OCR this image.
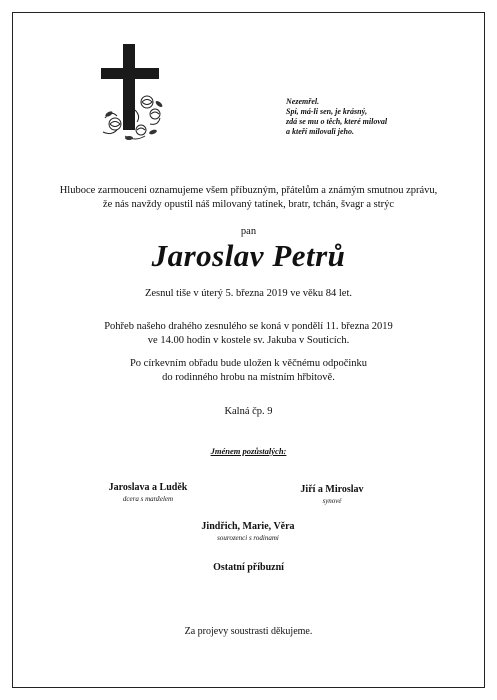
Nezemřel.
Spí, má-li sen, je krásný,
zdá se mu o těch, které miloval
a kteří milovali jeho.
Hluboce zarmouceni oznamujeme všem příbuzným, přátelům a známým smutnou zprávu,
že nás navždy opustil náš milovaný tatínek, bratr, tchán, švagr a strýc
pan
Jaroslav Petrů
Zesnul tiše v úterý 5. března 2019 ve věku 84 let.
Pohřeb našeho drahého zesnulého se koná v pondělí 11. března 2019
ve 14.00 hodin v kostele sv. Jakuba v Souticích.
Po církevním obřadu bude uložen k věčnému odpočinku
do rodinného hrobu na místním hřbitově.
Kalná čp. 9
Jménem pozůstalých:
Jaroslava a Luděk
dcera s manželem
Jiří a Miroslav
synové
Jindřich, Marie, Věra
sourozenci s rodinami
Ostatní příbuzní
Za projevy soustrasti děkujeme.
